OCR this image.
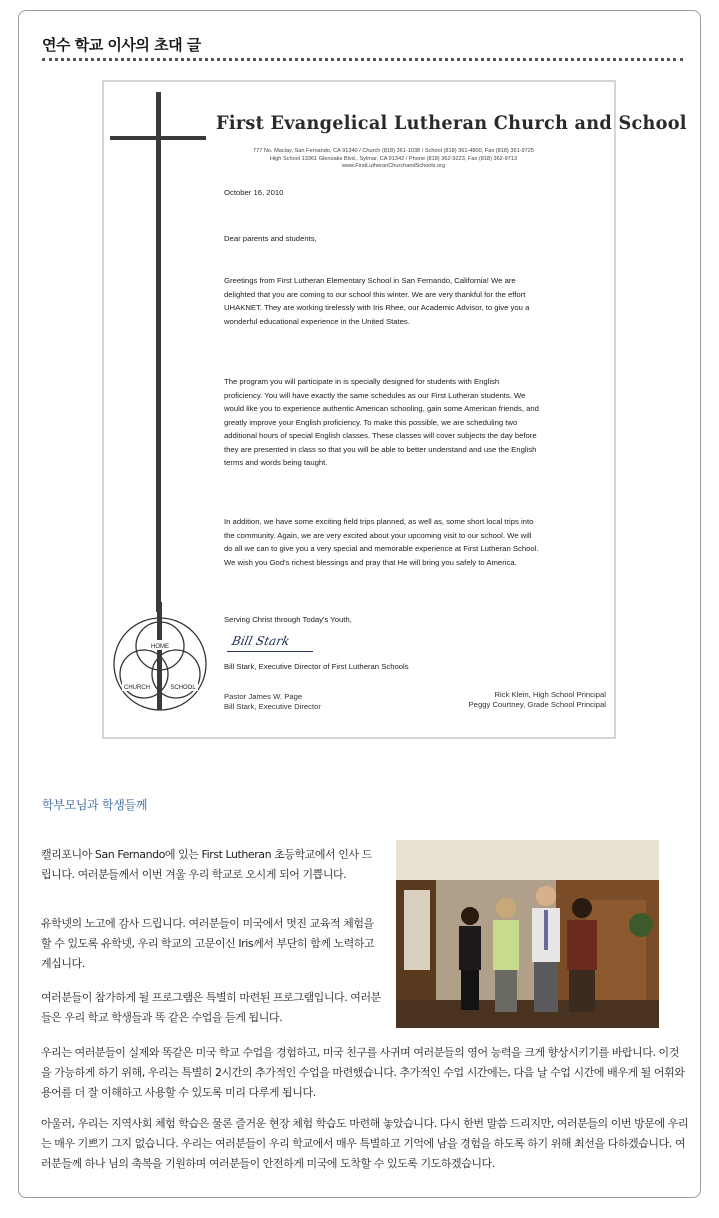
연수 학교 이사의 초대 글
First Evangelical Lutheran Church and School
777 No. Maclay, San Fernando, CA 91340 / Church (818) 361-1038 / School (818) 361-4800, Fax (818) 361-9725
High School 13361 Glenoaks Blvd., Sylmar, CA 91342 / Phone (818) 362-9223, Fax (818) 362-9713
www.FirstLutheranChurchandSchools.org
October 16, 2010
Dear parents and students,
Greetings from First Lutheran Elementary School in San Fernando, California! We are delighted that you are coming to our school this winter. We are very thankful for the effort UHAKNET. They are working tirelessly with Iris Rhee, our Academic Advisor, to give you a wonderful educational experience in the United States.
The program you will participate in is specially designed for students with English proficiency. You will have exactly the same schedules as our First Lutheran students. We would like you to experience authentic American schooling, gain some American friends, and greatly improve your English proficiency. To make this possible, we are scheduling two additional hours of special English classes. These classes will cover subjects the day before they are presented in class so that you will be able to better understand and use the English terms and words being taught.
In addition, we have some exciting field trips planned, as well as, some short local trips into the community. Again, we are very excited about your upcoming visit to our school. We will do all we can to give you a very special and memorable experience at First Lutheran School. We wish you God's richest blessings and pray that He will bring you safely to America.
Serving Christ through Today's Youth,
Bill Stark
Bill Stark, Executive Director of First Lutheran Schools
Pastor James W. Page
Bill Stark, Executive Director
Rick Klein, High School Principal
Peggy Courtney, Grade School Principal
HOME
CHURCH	SCHOOL
학부모님과 학생들께
캘리포니아 San Fernando에 있는 First Lutheran 초등학교에서 인사 드립니다. 여러분들께서 이번 겨울 우리 학교로 오시게 되어 기쁩니다.
유학넷의 노고에 감사 드립니다. 여러분들이 미국에서 멋진 교육적 체험을 할 수 있도록 유학넷, 우리 학교의 고문이신 Iris께서 부단히 함께 노력하고 계십니다.
여러분들이 참가하게 될 프로그램은 특별히 마련된 프로그램입니다. 여러분들은 우리 학교 학생들과 똑 같은 수업을 듣게 됩니다.
우리는 여러분들이 실제와 똑같은 미국 학교 수업을 경험하고, 미국 친구를 사귀며 여러분들의 영어 능력을 크게 향상시키기를 바랍니다. 이것을 가능하게 하기 위해, 우리는 특별히 2시간의 추가적인 수업을 마련했습니다. 추가적인 수업 시간에는, 다음 날 수업 시간에 배우게 될 어휘와 용어를 더 잘 이해하고 사용할 수 있도록 미리 다루게 됩니다.
아울러, 우리는 지역사회 체험 학습은 물론 즐거운 현장 체험 학습도 마련해 놓았습니다. 다시 한번 말씀 드리지만, 여러분들의 이번 방문에 우리는 매우 기쁘기 그지 없습니다. 우리는 여러분들이 우리 학교에서 매우 특별하고 기억에 남을 경험을 하도록 하기 위해 최선을 다하겠습니다. 여러분들께 하나 님의 축복을 기원하며 여러분들이 안전하게 미국에 도착할 수 있도록 기도하겠습니다.
